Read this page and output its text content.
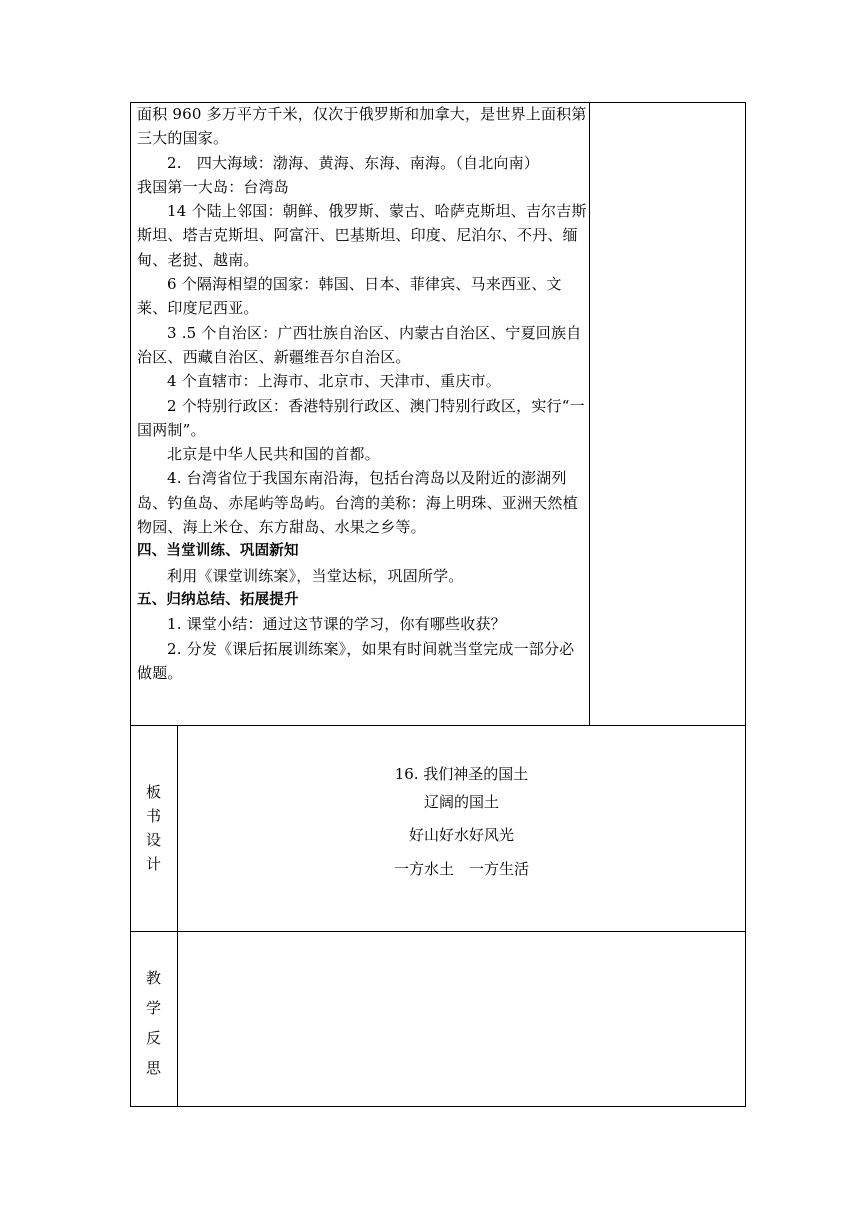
面积 960 多万平方千米，仅次于俄罗斯和加拿大，是世界上面积第三大的国家。

2.　四大海域：渤海、黄海、东海、南海。（自北向南）

我国第一大岛：台湾岛

14 个陆上邻国：朝鲜、俄罗斯、蒙古、哈萨克斯坦、吉尔吉斯斯坦、塔吉克斯坦、阿富汗、巴基斯坦、印度、尼泊尔、不丹、缅甸、老挝、越南。

6 个隔海相望的国家：韩国、日本、菲律宾、马来西亚、文莱、印度尼西亚。

3 .5 个自治区：广西壮族自治区、内蒙古自治区、宁夏回族自治区、西藏自治区、新疆维吾尔自治区。

4 个直辖市：上海市、北京市、天津市、重庆市。

2 个特别行政区：香港特别行政区、澳门特别行政区，实行“一国两制”。

北京是中华人民共和国的首都。

4. 台湾省位于我国东南沿海，包括台湾岛以及附近的澎湖列岛、钓鱼岛、赤尾屿等岛屿。台湾的美称：海上明珠、亚洲天然植物园、海上米仓、东方甜岛、水果之乡等。

四、当堂训练、巩固新知

利用《课堂训练案》，当堂达标，巩固所学。

五、归纳总结、拓展提升

1. 课堂小结：通过这节课的学习，你有哪些收获？

2. 分发《课后拓展训练案》，如果有时间就当堂完成一部分必做题。

板
书
设
计
16. 我们神圣的国土
辽阔的国土
好山好水好风光
一方水土　一方生活
教
学
反
思
